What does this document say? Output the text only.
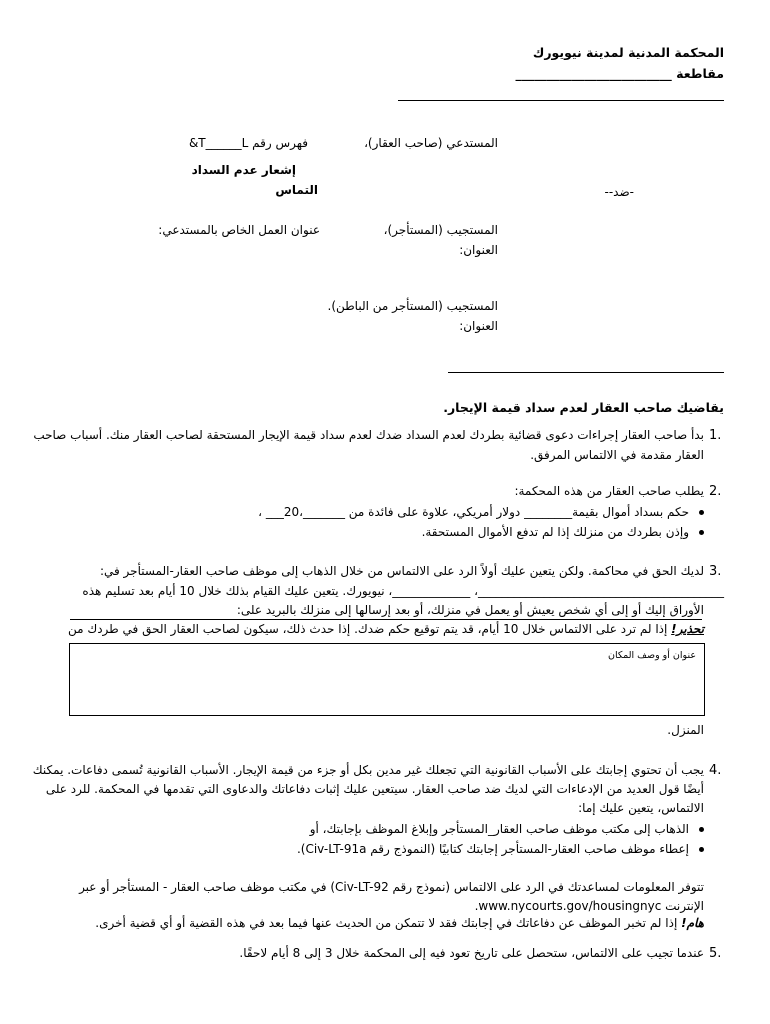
المحكمة المدنية لمدينة نيويورك
مقاطعة _________________________
المستدعي (صاحب العقار)،
فهرس رقم T______L&
إشعار عدم السداد
التماس	-ضد--
المستجيب (المستأجر)،
عنوان العمل الخاص بالمستدعي:
العنوان:
المستجيب (المستأجر من الباطن).
العنوان:
يقاضيك صاحب العقار لعدم سداد قيمة الإيجار.
1.
بدأ صاحب العقار إجراءات دعوى قضائية بطردك لعدم السداد ضدك لعدم سداد قيمة الإيجار المستحقة لصاحب العقار منك. أسباب صاحب
العقار مقدمة في الالتماس المرفق.
2.
يطلب صاحب العقار من هذه المحكمة:
حكم بسداد أموال بقيمة________ دولار أمريكي، علاوة على فائدة من _______،20___ ،
وإذن بطردك من منزلك إذا لم تدفع الأموال المستحقة.
3.
لديك الحق في محاكمة. ولكن يتعين عليك أولاً الرد على الالتماس من خلال الذهاب إلى موظف صاحب العقار-المستأجر في:
_________________________________________، _____________، نيويورك. يتعين عليك القيام بذلك خلال 10 أيام بعد تسليم هذه
الأوراق إليك أو إلى أي شخص يعيش أو يعمل في منزلك، أو بعد إرسالها إلى منزلك بالبريد على:
تحذير! إذا لم ترد على الالتماس خلال 10 أيام، قد يتم توقيع حكم ضدك. إذا حدث ذلك، سيكون لصاحب العقار الحق في طردك من
عنوان أو وصف المكان
المنزل.
4.
يجب أن تحتوي إجابتك على الأسباب القانونية التي تجعلك غير مدين بكل أو جزء من قيمة الإيجار. الأسباب القانونية تُسمى دفاعات. يمكنك
أيضًا قول العديد من الإدعاءات التي لديك ضد صاحب العقار. سيتعين عليك إثبات دفاعاتك والدعاوى التي تقدمها في المحكمة. للرد على
الالتماس، يتعين عليك إما:
الذهاب إلى مكتب موظف صاحب العقار_المستأجر وإبلاغ الموظف بإجابتك، أو
إعطاء موظف صاحب العقار-المستأجر إجابتك كتابيًا (النموذج رقم Civ-LT-91a).
تتوفر المعلومات لمساعدتك في الرد على الالتماس (نموذج رقم Civ-LT-92) في مكتب موظف صاحب العقار - المستأجر أو عبر
الإنترنت www.nycourts.gov/housingnyc.
هام! إذا لم تخبر الموظف عن دفاعاتك في إجابتك فقد لا تتمكن من الحديث عنها فيما بعد في هذه القضية أو أي قضية أخرى.
5.
عندما تجيب على الالتماس، ستحصل على تاريخ تعود فيه إلى المحكمة خلال 3 إلى 8 أيام لاحقًا.
